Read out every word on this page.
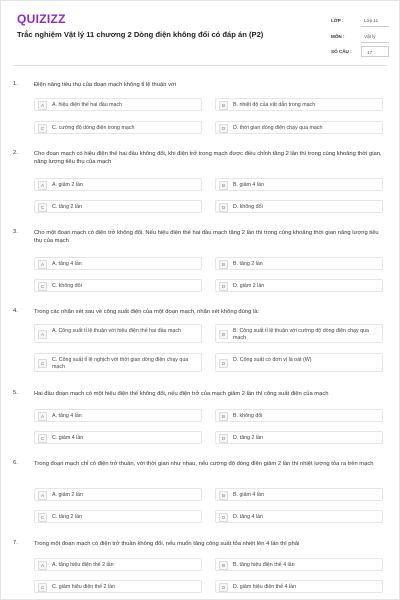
QUIZIZZ
Trắc nghiệm Vật lý 11 chương 2 Dòng điện không đổi có đáp án (P2)
LỚP :	Lớp 11
MÔN :	Vật lý
SỐ CÂU :	17
1.	Điện năng tiêu thụ của đoạn mạch không tỉ lệ thuận với
A	A. hiệu điện thế hai đầu mạch	B	B. nhiệt độ của vật dẫn trong mạch
C	C. cường độ dòng điện trong mạch	D	D. thời gian dòng điện chạy qua mạch
2.	Cho đoạn mạch có hiệu điện thế hai đầu không đổi, khi điện trở trong mạch được điều chỉnh tăng 2 lần thì trong cùng khoảng thời gian, năng lượng tiêu thụ của mạch
A	A. giảm 2 lần	B	B. giảm 4 lần
C	C. tăng 2 lần	D	D. không đổi
3.	Cho một đoạn mạch có điện trở không đổi. Nếu hiệu điện thế hai đầu mạch tăng 2 lần thì trong cùng khoảng thời gian năng lượng tiêu thụ của mạch
A	A. tăng 4 lần	B	B. tăng 2 lần
C	C. không đổi	D	D. giảm 2 lần
4.	Trong các nhận xét sau về công suất điện của một đoạn mạch, nhận xét không đúng là:
A
A. Công suất tỉ lệ thuận với hiệu điện thế hai đầu mạch
B
B. Công suất tỉ lệ thuận với cường độ dòng điện chạy qua mạch
C
C. Công suất tỉ lệ nghịch với thời gian dòng điện chạy qua mạch
D
D. Công suất có đơn vị là oát (W)
5.	Hai đầu đoạn mạch có một hiệu điện thế không đổi, nếu điện trở của mạch giảm 2 lần thì công suất điện của mạch
A	A. tăng 4 lần	B	B. không đổi
C	C. giảm 4 lần	D	D. tăng 2 lần
6.	Trong đoạn mạch chỉ có điện trở thuần, với thời gian như nhau, nếu cường độ dòng điện giảm 2 lần thì nhiệt lượng tỏa ra trên mạch
A	A. giảm 2 lần	B	B. giảm 4 lần
C	C. tăng 2 lần	D	D. tăng 4 lần
7.	Trong một đoạn mạch có điện trở thuần không đổi, nếu muốn tăng công suất tỏa nhiệt lên 4 lần thì phải
A	A. tăng hiệu điện thế 2 lần	B	B. tăng hiệu điện thế 4 lần
C	C. giảm hiệu điện thế 2 lần	D	D. giảm hiệu điện thế 4 lần
